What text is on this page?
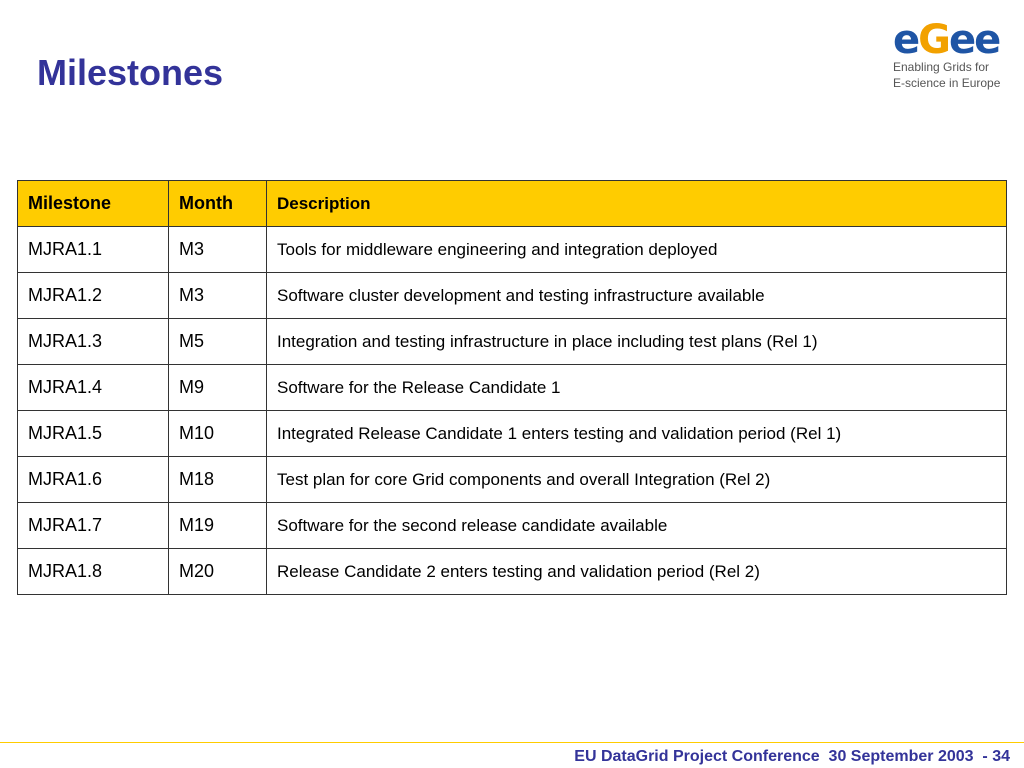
Milestones
e G e e
Enabling Grids for
E-science in Europe
Milestone	Month	Description
MJRA1.1	M3	Tools for middleware engineering and integration deployed
MJRA1.2	M3	Software cluster development and testing infrastructure available
MJRA1.3	M5	Integration and testing infrastructure in place including test plans (Rel 1)
MJRA1.4	M9	Software for the Release Candidate 1
MJRA1.5	M10	Integrated Release Candidate 1 enters testing and validation period (Rel 1)
MJRA1.6	M18	Test plan for core Grid components and overall Integration (Rel 2)
MJRA1.7	M19	Software for the second release candidate available
MJRA1.8	M20	Release Candidate 2 enters testing and validation period (Rel 2)
EU DataGrid Project Conference  30 September 2003  - 34
